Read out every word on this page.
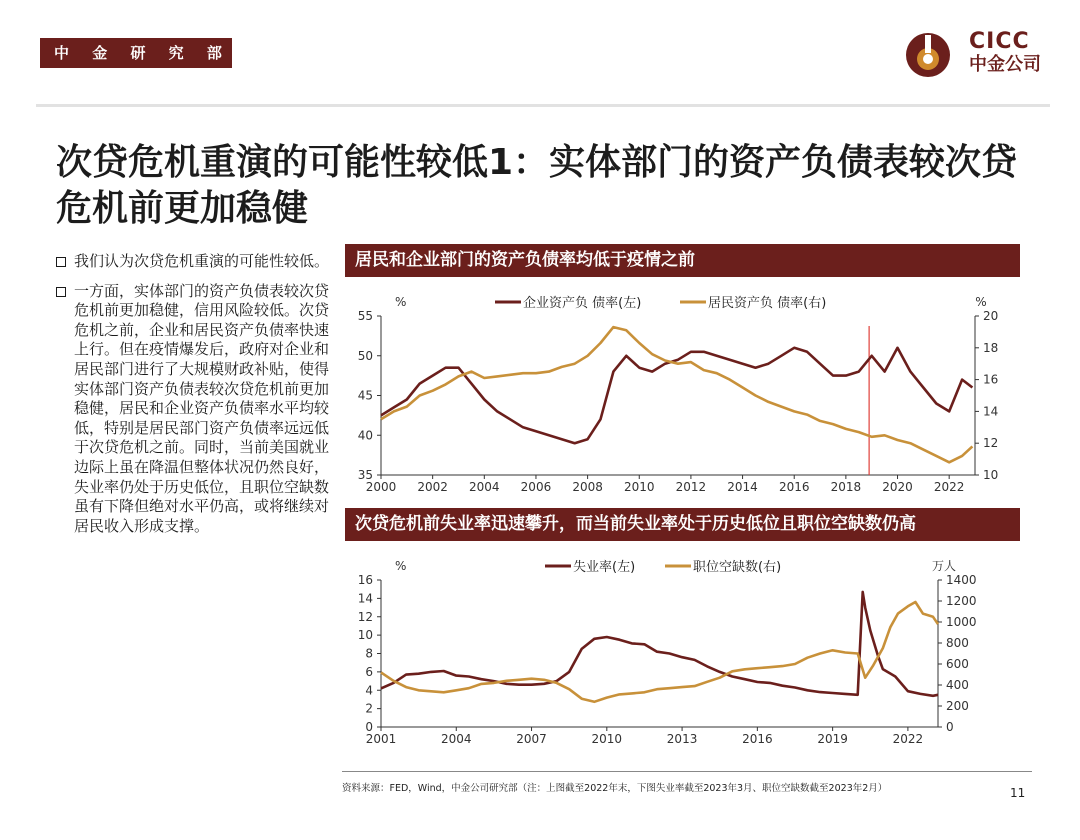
中 金 研 究 部	CICC
中金公司
次贷危机重演的可能性较低1：实体部门的资产负债表较次贷危机前更加稳健
我们认为次贷危机重演的可能性较低。
一方面，实体部门的资产负债表较次贷危机前更加稳健，信用风险较低。次贷危机之前，企业和居民资产负债率快速上行。但在疫情爆发后，政府对企业和居民部门进行了大规模财政补贴，使得实体部门资产负债表较次贷危机前更加稳健，居民和企业资产负债率水平均较低，特别是居民部门资产负债率远远低于次贷危机之前。同时，当前美国就业边际上虽在降温但整体状况仍然良好，失业率仍处于历史低位，且职位空缺数虽有下降但绝对水平仍高，或将继续对居民收入形成支撑。
居民和企业部门的资产负债率均低于疫情之前
2000 2002 2004 2006 2008 2010 2012 2014 2016 2018 2020 2022
35
40
45
50
55
10
12
14
16
18
20
%	%
企业资产负 债率(左)	居民资产负 债率(右)
次贷危机前失业率迅速攀升，而当前失业率处于历史低位且职位空缺数仍高
2001	2004	2007	2010	2013	2016	2019	2022
0
2
4
6
8
10
12
14
16
0
200
400
600
800
1000
1200
1400
%	万人
失业率(左)	职位空缺数(右)
资料来源：FED，Wind，中金公司研究部（注：上图截至2022年末，下图失业率截至2023年3月、职位空缺数截至2023年2月）	11
